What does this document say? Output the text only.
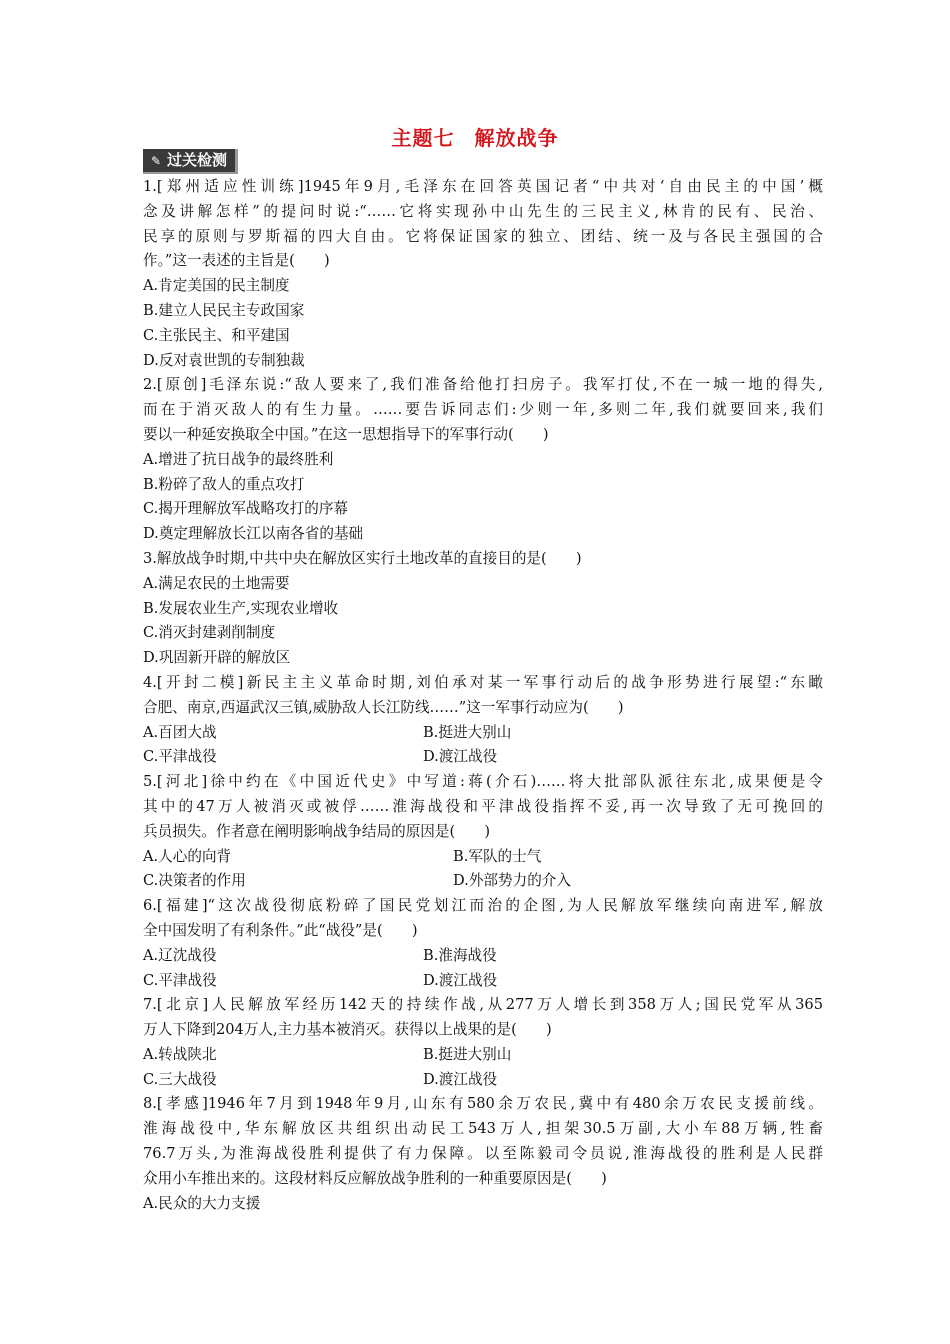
主题七 解放战争
✎ 过关检测
1.[郑州适应性训练]1945年9月,毛泽东在回答英国记者“中共对‘自由民主的中国’概
念及讲解怎样”的提问时说:“……它将实现孙中山先生的三民主义,林肯的民有、民治、
民享的原则与罗斯福的四大自由。它将保证国家的独立、团结、统一及与各民主强国的合
作。”这一表述的主旨是(　　)
A.肯定美国的民主制度
B.建立人民民主专政国家
C.主张民主、和平建国
D.反对袁世凯的专制独裁
2.[原创]毛泽东说:“敌人要来了,我们准备给他打扫房子。我军打仗,不在一城一地的得失,
而在于消灭敌人的有生力量。……要告诉同志们:少则一年,多则二年,我们就要回来,我们
要以一种延安换取全中国。”在这一思想指导下的军事行动(　　)
A.增进了抗日战争的最终胜利
B.粉碎了敌人的重点攻打
C.揭开理解放军战略攻打的序幕
D.奠定理解放长江以南各省的基础
3.解放战争时期,中共中央在解放区实行土地改革的直接目的是(　　)
A.满足农民的土地需要
B.发展农业生产,实现农业增收
C.消灭封建剥削制度
D.巩固新开辟的解放区
4.[开封二模]新民主主义革命时期,刘伯承对某一军事行动后的战争形势进行展望:“东瞰
合肥、南京,西逼武汉三镇,威胁敌人长江防线……”这一军事行动应为(　　)
A.百团大战	B.挺进大别山
C.平津战役	D.渡江战役
5.[河北]徐中约在《中国近代史》中写道:蒋(介石)……将大批部队派往东北,成果便是令
其中的47万人被消灭或被俘……淮海战役和平津战役指挥不妥,再一次导致了无可挽回的
兵员损失。作者意在阐明影响战争结局的原因是(　　)
A.人心的向背	B.军队的士气
C.决策者的作用	D.外部势力的介入
6.[福建]“这次战役彻底粉碎了国民党划江而治的企图,为人民解放军继续向南进军,解放
全中国发明了有利条件。”此“战役”是(　　)
A.辽沈战役	B.淮海战役
C.平津战役	D.渡江战役
7.[北京]人民解放军经历142天的持续作战,从277万人增长到358万人;国民党军从365
万人下降到204万人,主力基本被消灭。获得以上战果的是(　　)
A.转战陕北	B.挺进大别山
C.三大战役	D.渡江战役
8.[孝感]1946年7月到1948年9月,山东有580余万农民,冀中有480余万农民支援前线。
淮海战役中,华东解放区共组织出动民工543万人,担架30.5万副,大小车88万辆,牲畜
76.7万头,为淮海战役胜利提供了有力保障。以至陈毅司令员说,淮海战役的胜利是人民群
众用小车推出来的。这段材料反应解放战争胜利的一种重要原因是(　　)
A.民众的大力支援
